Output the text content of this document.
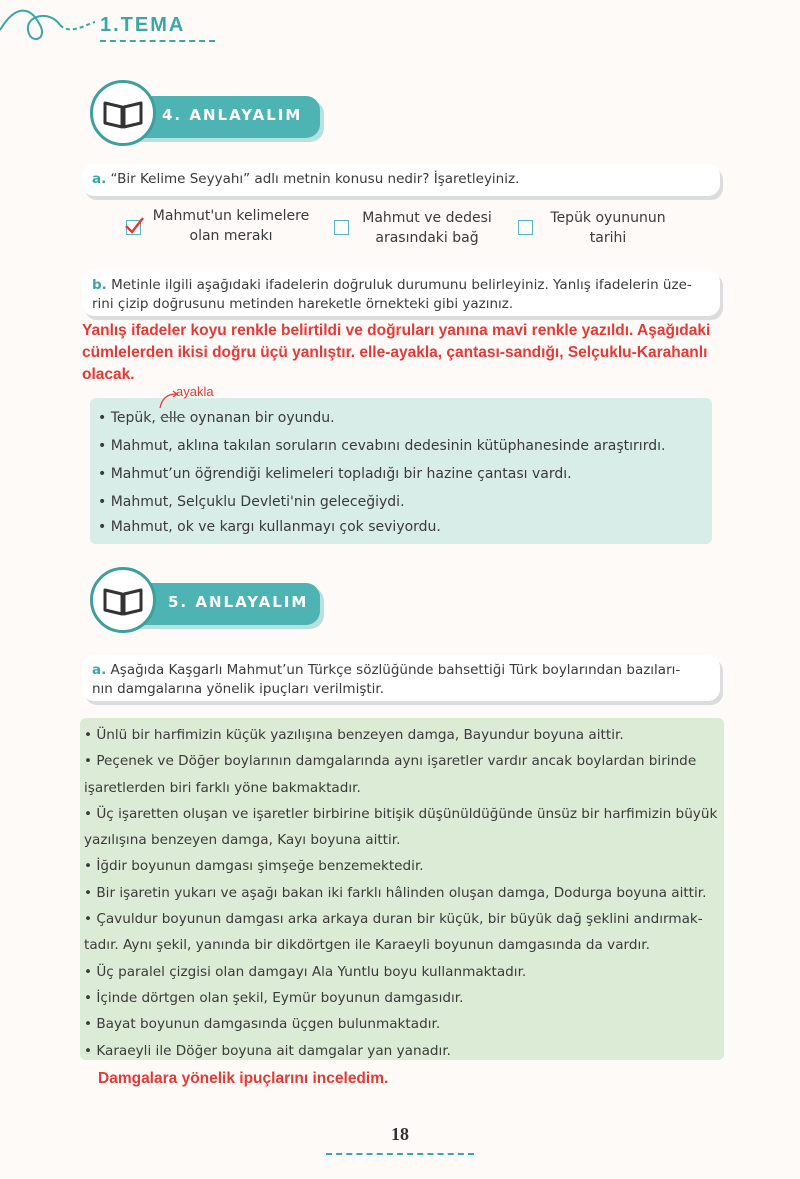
1.TEMA
4. ANLAYALIM
a. “Bir Kelime Seyyahı” adlı metnin konusu nedir? İşaretleyiniz.
Mahmut'un kelimelere
olan merakı
Mahmut ve dedesi
arasındaki bağ
Tepük oyununun
tarihi
b. Metinle ilgili aşağıdaki ifadelerin doğruluk durumunu belirleyiniz. Yanlış ifadelerin üze-
rini çizip doğrusunu metinden hareketle örnekteki gibi yazınız.
Yanlış ifadeler koyu renkle belirtildi ve doğruları yanına mavi renkle yazıldı. Aşağıdaki
cümlelerden ikisi doğru üçü yanlıştır. elle-ayakla, çantası-sandığı, Selçuklu-Karahanlı
olacak.
ayakla
• Tepük, elle oynanan bir oyundu.
• Mahmut, aklına takılan soruların cevabını dedesinin kütüphanesinde araştırırdı.
• Mahmut’un öğrendiği kelimeleri topladığı bir hazine çantası vardı.
• Mahmut, Selçuklu Devleti'nin geleceğiydi.
• Mahmut, ok ve kargı kullanmayı çok seviyordu.
5. ANLAYALIM
a. Aşağıda Kaşgarlı Mahmut’un Türkçe sözlüğünde bahsettiği Türk boylarından bazıları-
nın damgalarına yönelik ipuçları verilmiştir.
• Ünlü bir harfimizin küçük yazılışına benzeyen damga, Bayundur boyuna aittir.
• Peçenek ve Döğer boylarının damgalarında aynı işaretler vardır ancak boylardan birinde
işaretlerden biri farklı yöne bakmaktadır.
• Üç işaretten oluşan ve işaretler birbirine bitişik düşünüldüğünde ünsüz bir harfimizin büyük
yazılışına benzeyen damga, Kayı boyuna aittir.
• İğdir boyunun damgası şimşeğe benzemektedir.
• Bir işaretin yukarı ve aşağı bakan iki farklı hâlinden oluşan damga, Dodurga boyuna aittir.
• Çavuldur boyunun damgası arka arkaya duran bir küçük, bir büyük dağ şeklini andırmak-
tadır. Aynı şekil, yanında bir dikdörtgen ile Karaeyli boyunun damgasında da vardır.
• Üç paralel çizgisi olan damgayı Ala Yuntlu boyu kullanmaktadır.
• İçinde dörtgen olan şekil, Eymür boyunun damgasıdır.
• Bayat boyunun damgasında üçgen bulunmaktadır.
• Karaeyli ile Döğer boyuna ait damgalar yan yanadır.
Damgalara yönelik ipuçlarını inceledim.
18
